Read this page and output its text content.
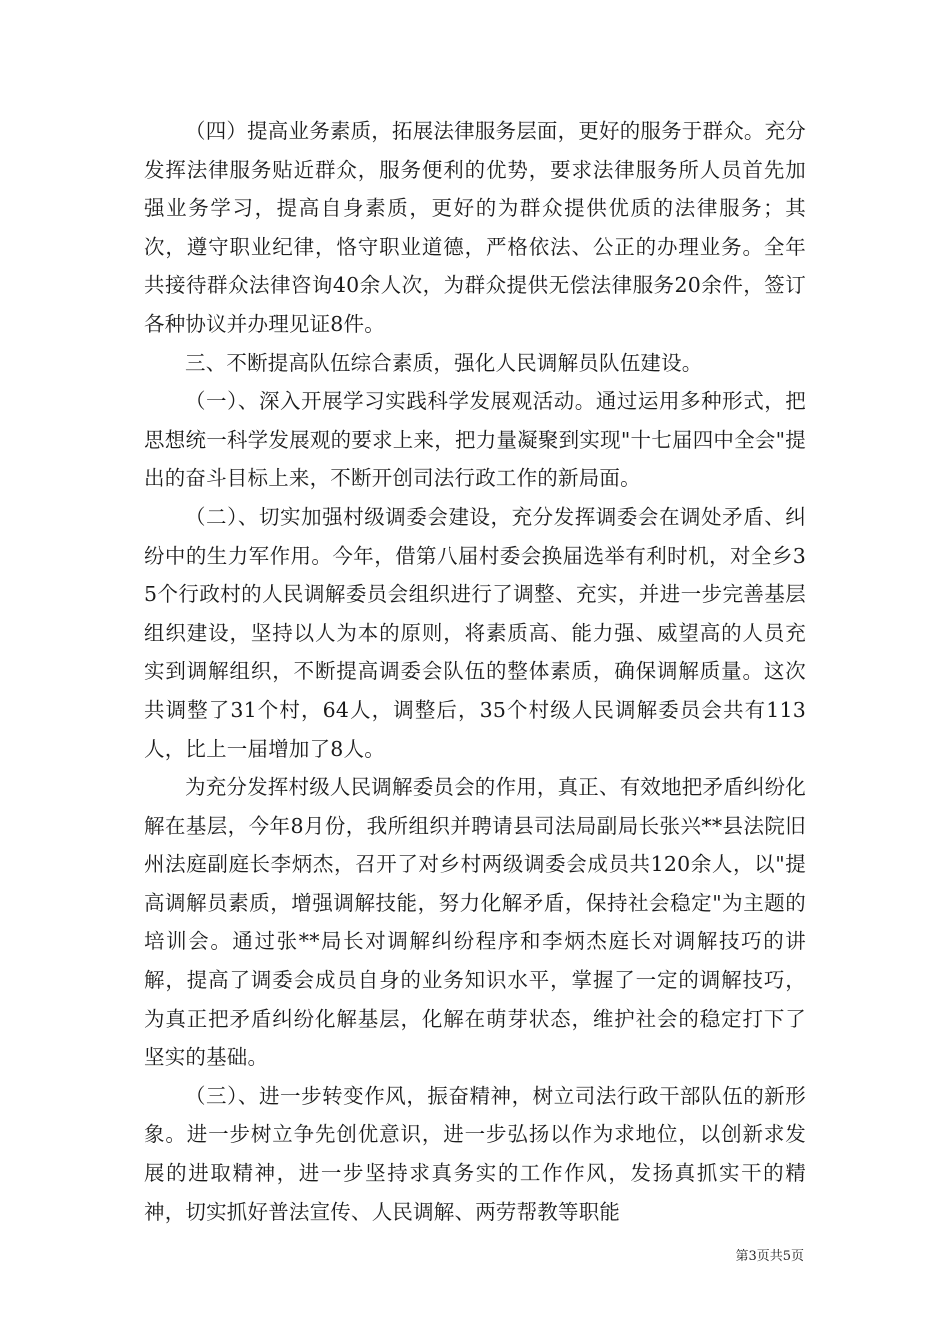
（四）提高业务素质，拓展法律服务层面，更好的服务于群众。充分发挥法律服务贴近群众，服务便利的优势，要求法律服务所人员首先加强业务学习，提高自身素质，更好的为群众提供优质的法律服务；其次，遵守职业纪律，恪守职业道德，严格依法、公正的办理业务。全年共接待群众法律咨询40余人次，为群众提供无偿法律服务20余件，签订各种协议并办理见证8件。

三、不断提高队伍综合素质，强化人民调解员队伍建设。

（一）、深入开展学习实践科学发展观活动。通过运用多种形式，把思想统一科学发展观的要求上来，把力量凝聚到实现"十七届四中全会"提出的奋斗目标上来，不断开创司法行政工作的新局面。

（二）、切实加强村级调委会建设，充分发挥调委会在调处矛盾、纠纷中的生力军作用。今年，借第八届村委会换届选举有利时机，对全乡35个行政村的人民调解委员会组织进行了调整、充实，并进一步完善基层组织建设，坚持以人为本的原则，将素质高、能力强、威望高的人员充实到调解组织，不断提高调委会队伍的整体素质，确保调解质量。这次共调整了31个村，64人，调整后，35个村级人民调解委员会共有113人，比上一届增加了8人。

为充分发挥村级人民调解委员会的作用，真正、有效地把矛盾纠纷化解在基层，今年8月份，我所组织并聘请县司法局副局长张兴**县法院旧州法庭副庭长李炳杰，召开了对乡村两级调委会成员共120余人，以"提高调解员素质，增强调解技能，努力化解矛盾，保持社会稳定"为主题的培训会。通过张**局长对调解纠纷程序和李炳杰庭长对调解技巧的讲解，提高了调委会成员自身的业务知识水平，掌握了一定的调解技巧，为真正把矛盾纠纷化解基层，化解在萌芽状态，维护社会的稳定打下了坚实的基础。

（三）、进一步转变作风，振奋精神，树立司法行政干部队伍的新形象。进一步树立争先创优意识，进一步弘扬以作为求地位，以创新求发展的进取精神，进一步坚持求真务实的工作作风，发扬真抓实干的精神，切实抓好普法宣传、人民调解、两劳帮教等职能

第3页共5页
